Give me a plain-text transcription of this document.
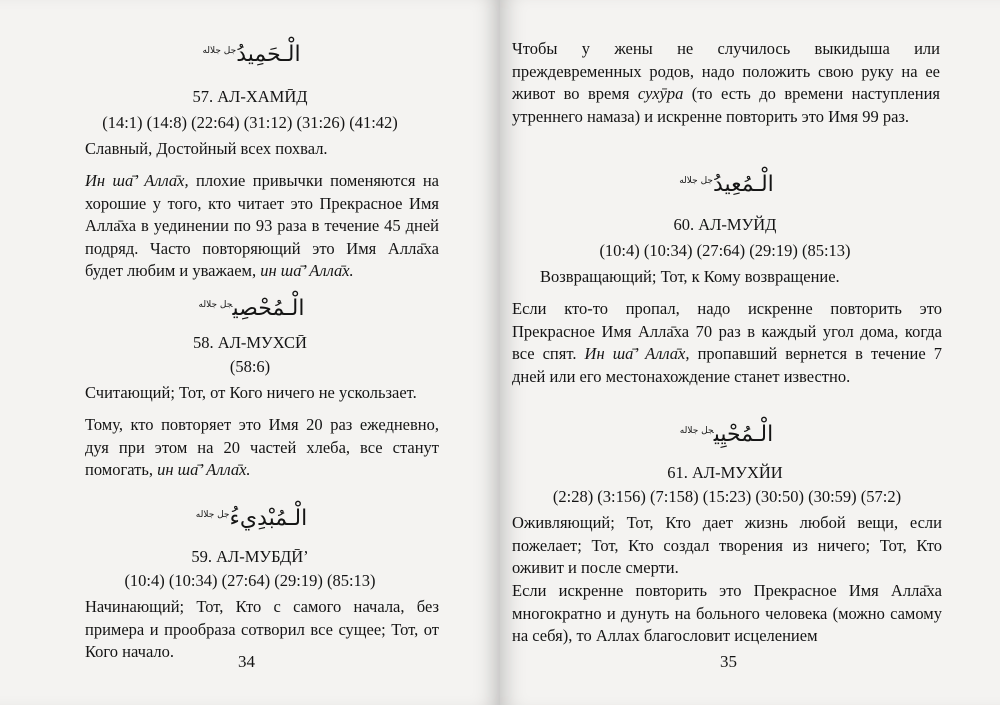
الْـحَمِيدُ$^{جل جلاله}$

57. АЛ-ХАМӢД

(14:1) (14:8) (22:64) (31:12) (31:26) (41:42)

Славный, Достойный всех похвал.

Ин ша̄’ Алла̄х, плохие привычки поменяются на хорошие у того, кто читает это Прекрасное Имя Алла̄ха в уединении по 93 раза в течение 45 дней подряд. Часто повторяющий это Имя Алла̄ха будет любим и уважаем, ин ша̄’ Алла̄х.

الْـمُحْصِي$^{جل جلاله}$

58. АЛ-МУХСӢ

(58:6)

Считающий; Тот, от Кого ничего не ускользает.

Тому, кто повторяет это Имя 20 раз ежедневно, дуя при этом на 20 частей хлеба, все станут помогать, ин ша̄’ Алла̄х.

الْـمُبْدِيءُ$^{جل جلاله}$

59. АЛ-МУБДӢ’

(10:4) (10:34) (27:64) (29:19) (85:13)

Начинающий; Тот, Кто с самого начала, без примера и прообраза сотворил все сущее; Тот, от Кого начало.

34

Чтобы у жены не случилось выкидыша или преждевременных родов, надо положить свою руку на ее живот во время сухӯра (то есть до времени наступления утреннего намаза) и искренне повторить это Имя 99 раз.

الْـمُعِيدُ$^{جل جلاله}$

60. АЛ-МУЙД

(10:4) (10:34) (27:64) (29:19) (85:13)

Возвращающий; Тот, к Кому возвращение.

Если кто-то пропал, надо искренне повторить это Прекрасное Имя Алла̄ха 70 раз в каждый угол дома, когда все спят. Ин ша̄’ Алла̄х, пропавший вернется в течение 7 дней или его местонахождение станет известно.

الْـمُحْيِي$^{جل جلاله}$

61. АЛ-МУХЙИ

(2:28) (3:156) (7:158) (15:23) (30:50) (30:59) (57:2)

Оживляющий; Тот, Кто дает жизнь любой вещи, если пожелает; Тот, Кто создал творения из ничего; Тот, Кто оживит и после смерти.

Если искренне повторить это Прекрасное Имя Алла̄ха многократно и дунуть на больного человека (можно самому на себя), то Аллах благословит исцелением

35
